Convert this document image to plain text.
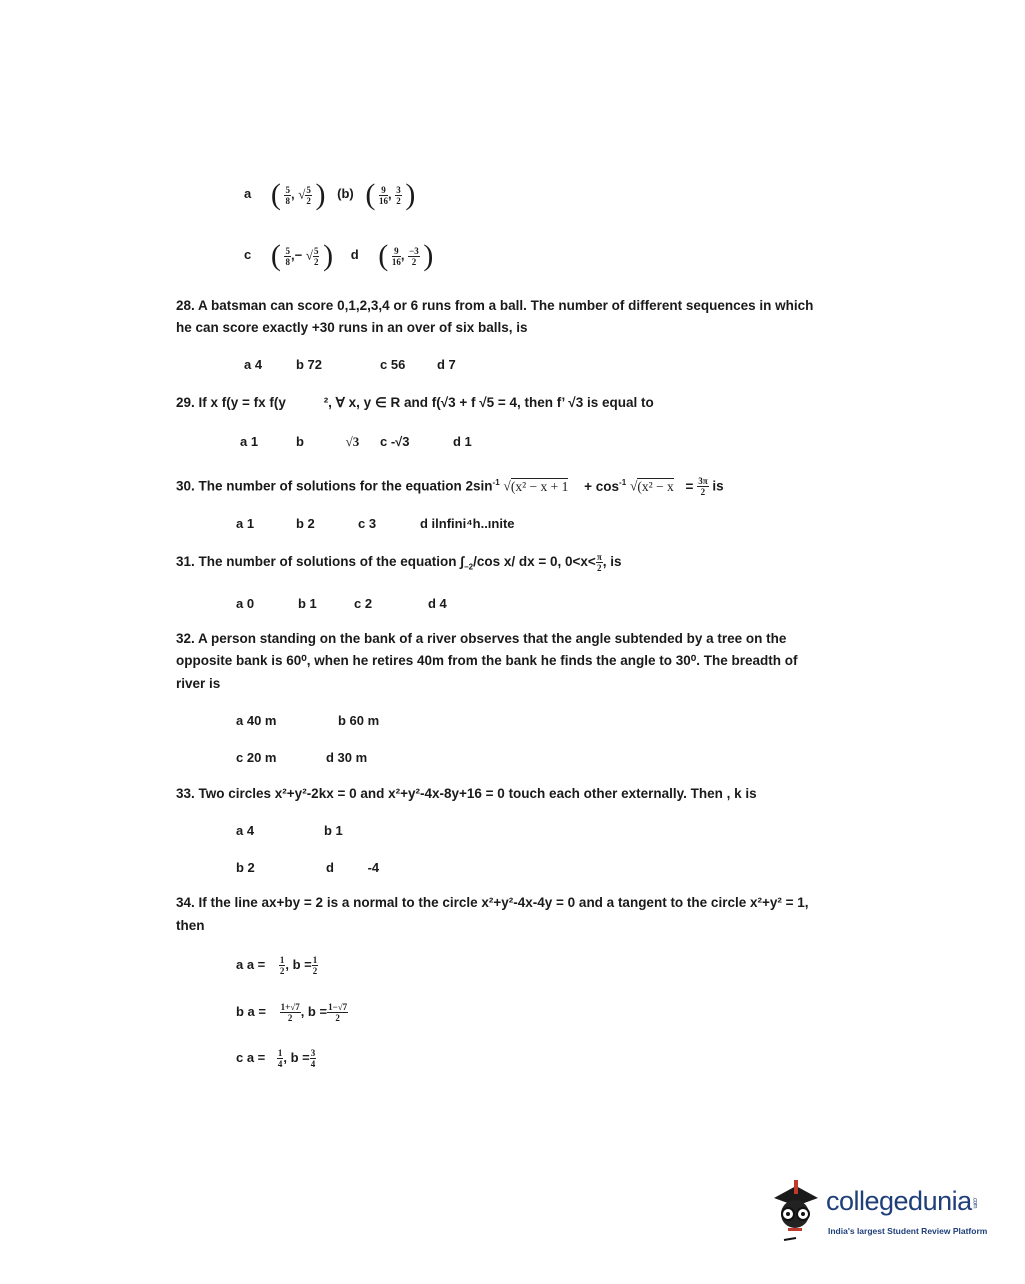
a ( $\frac{5}{8}$ , √ $\frac{5}{2}$ ) (b) ( $\frac{9}{16}$ , $\frac{3}{2}$ )
c ( $\frac{5}{8}$ ,− √ $\frac{5}{2}$ ) d ( $\frac{9}{16}$ , $\frac{-3}{2}$ )
28. A batsman can score 0,1,2,3,4 or 6 runs from a ball. The number of different sequences in which
he can score exactly +30 runs in an over of six balls, is
a 4	b 72	c 56 d 7
29. If x f(y = fx f(y	², ∀ x, y ∈ R and f(√3 + f √5 = 4, then f’ √3 is equal to
a 1	b	√3 c -√3	d 1
30. The number of solutions for the equation $2\sin^{-1}$ $√(x^2 - x + 1 + \cos^{-1} √(x^2 - x = \frac{3\pi}{2}$ is
a 1	b 2	c 3	d ilnfini⁴h..ınite
31. The number of solutions of the equation $\int_{-2}/\cos$ x/ dx = 0, $0<x< \frac{\pi}{2}$ , is
a 0	b 1	c 2	d 4
32. A person standing on the bank of a river observes that the angle subtended by a tree on the
opposite bank is 60⁰, when he retires 40m from the bank he finds the angle to 30⁰. The breadth of
river is
a 40 m	b 60 m
c 20 m	d 30 m
33. Two circles x²+y²-2kx = 0 and x²+y²-4x-8y+16 = 0 touch each other externally. Then , k is
a 4	b 1
b 2	d	-4
34. If the line ax+by = 2 is a normal to the circle x²+y²-4x-4y = 0 and a tangent to the circle x²+y² = 1,
then
a $a = \frac{1}{2}$ , $b = \frac{1}{2}$
b $a = \frac{1+√7}{2}$ , $b = \frac{1-√7}{2}$
c $a = \frac{1}{4}$ , $b = \frac{3}{4}$
collegedunia.com
India's largest Student Review Platform
